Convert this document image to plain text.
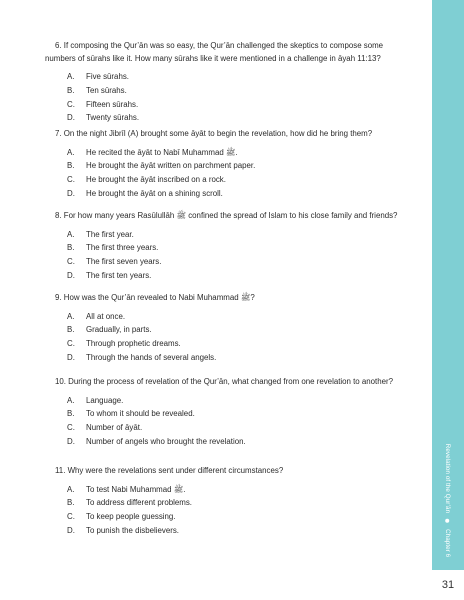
6. If composing the Qur’ān was so easy, the Qur’ān challenged the skeptics to compose some numbers of sūrahs like it. How many sūrahs like it were mentioned in a challenge in āyah 11:13?

A. Five sūrahs.
B. Ten sūrahs.
C. Fifteen sūrahs.
D. Twenty sūrahs.

7. On the night Jibrīl (A) brought some āyāt to begin the revelation, how did he bring them?

A. He recited the āyāt to Nabī Muhammad ﷺ.
B. He brought the āyāt written on parchment paper.
C. He brought the āyāt inscribed on a rock.
D. He brought the āyāt on a shining scroll.

8. For how many years Rasūlullāh ﷺ confined the spread of Islam to his close family and friends?

A. The first year.
B. The first three years.
C. The first seven years.
D. The first ten years.

9. How was the Qur’ān revealed to Nabi Muhammad ﷺ?

A. All at once.
B. Gradually, in parts.
C. Through prophetic dreams.
D. Through the hands of several angels.

10. During the process of revelation of the Qur’ān, what changed from one revelation to another?

A. Language.
B. To whom it should be revealed.
C. Number of āyāt.
D. Number of angels who brought the revelation.

11. Why were the revelations sent under different circumstances?

A. To test Nabi Muhammad ﷺ.
B. To address different problems.
C. To keep people guessing.
D. To punish the disbelievers.
Revelation of the Qur’ān
Chapter 6
31
